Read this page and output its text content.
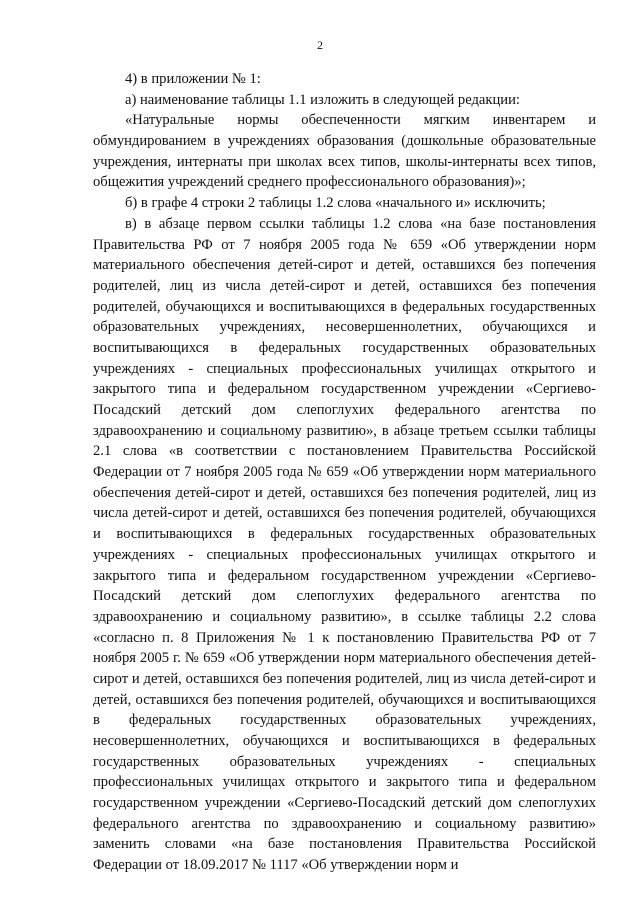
2

4) в приложении № 1:

а) наименование таблицы 1.1 изложить в следующей редакции:

«Натуральные нормы обеспеченности мягким инвентарем и обмундированием в учреждениях образования (дошкольные образовательные учреждения, интернаты при школах всех типов, школы-интернаты всех типов, общежития учреждений среднего профессионального образования)»;

б) в графе 4 строки 2 таблицы 1.2 слова «начального и» исключить;

в) в абзаце первом ссылки таблицы 1.2 слова «на базе постановления Правительства РФ от 7 ноября 2005 года № 659 «Об утверждении норм материального обеспечения детей-сирот и детей, оставшихся без попечения родителей, лиц из числа детей-сирот и детей, оставшихся без попечения родителей, обучающихся и воспитывающихся в федеральных государственных образовательных учреждениях, несовершеннолетних, обучающихся и воспитывающихся в федеральных государственных образовательных учреждениях - специальных профессиональных училищах открытого и закрытого типа и федеральном государственном учреждении «Сергиево-Посадский детский дом слепоглухих федерального агентства по здравоохранению и социальному развитию», в абзаце третьем ссылки таблицы 2.1 слова «в соответствии с постановлением Правительства Российской Федерации от 7 ноября 2005 года № 659 «Об утверждении норм материального обеспечения детей-сирот и детей, оставшихся без попечения родителей, лиц из числа детей-сирот и детей, оставшихся без попечения родителей, обучающихся и воспитывающихся в федеральных государственных образовательных учреждениях - специальных профессиональных училищах открытого и закрытого типа и федеральном государственном учреждении «Сергиево-Посадский детский дом слепоглухих федерального агентства по здравоохранению и социальному развитию», в ссылке таблицы 2.2 слова «согласно п. 8 Приложения № 1 к постановлению Правительства РФ от 7 ноября 2005 г. № 659 «Об утверждении норм материального обеспечения детей-сирот и детей, оставшихся без попечения родителей, лиц из числа детей-сирот и детей, оставшихся без попечения родителей, обучающихся и воспитывающихся в федеральных государственных образовательных учреждениях, несовершеннолетних, обучающихся и воспитывающихся в федеральных государственных образовательных учреждениях - специальных профессиональных училищах открытого и закрытого типа и федеральном государственном учреждении «Сергиево-Посадский детский дом слепоглухих федерального агентства по здравоохранению и социальному развитию» заменить словами «на базе постановления Правительства Российской Федерации от 18.09.2017 № 1117 «Об утверждении норм и
